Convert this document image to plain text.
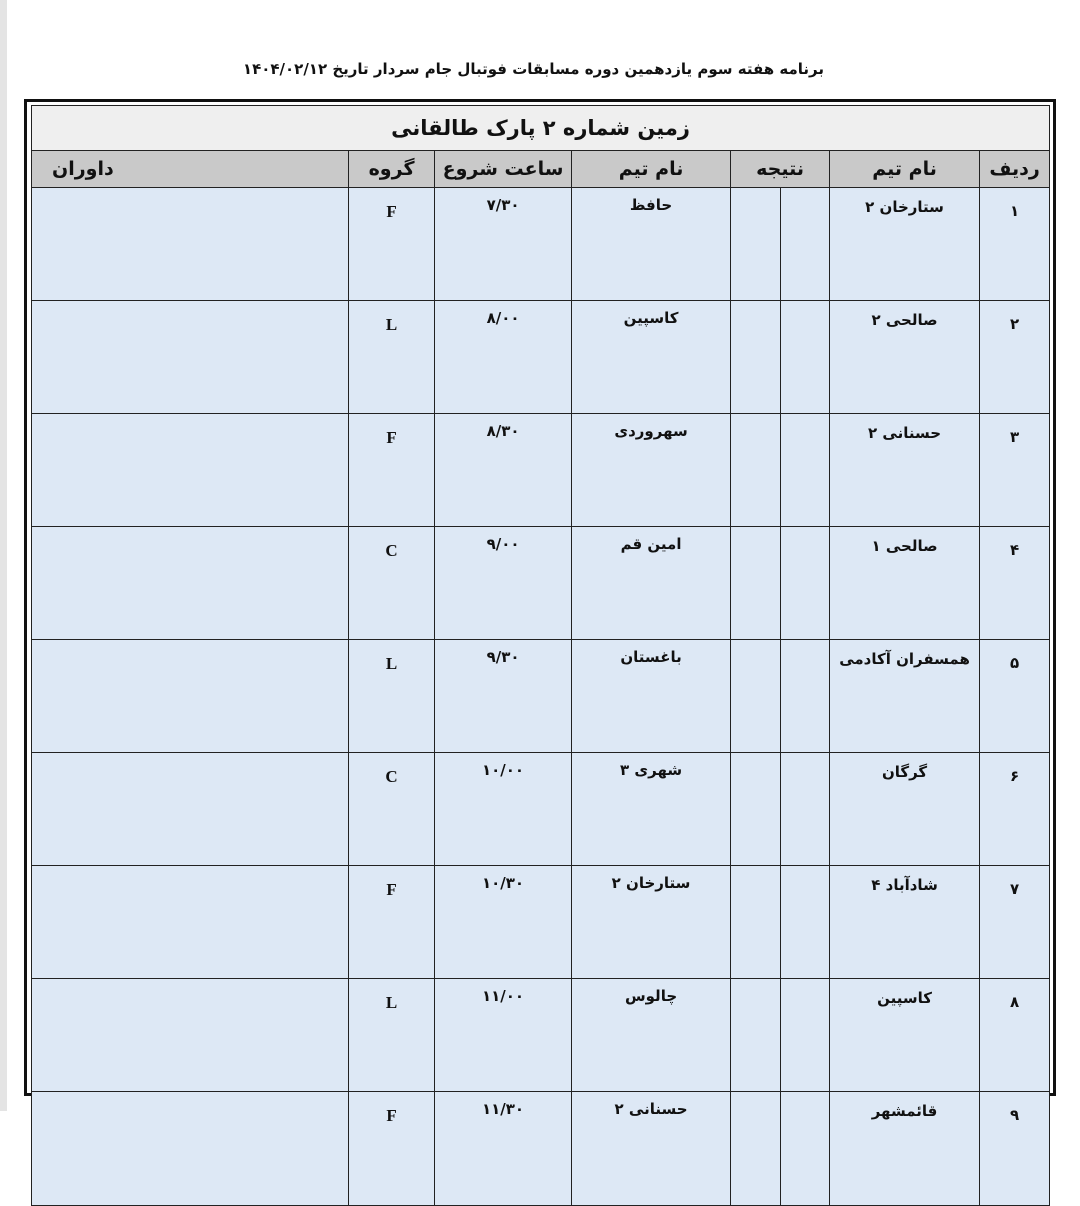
برنامه هفته سوم یازدهمین دوره مسابقات فوتبال جام سردار تاریخ ۱۴۰۴/۰۲/۱۲
زمین شماره ۲ پارک طالقانی							
ردیف	نام تیم	نتیجه		نام تیم	ساعت شروع	گروه	داوران
۱	ستارخان ۲			حافظ	۷/۳۰	F	
۲	صالحی ۲			کاسپین	۸/۰۰	L	
۳	حسنانی ۲			سهروردی	۸/۳۰	F	
۴	صالحی ۱			امین قم	۹/۰۰	C	
۵	همسفران آکادمی			باغستان	۹/۳۰	L	
۶	گرگان			شهری ۳	۱۰/۰۰	C	
۷	شادآباد ۴			ستارخان ۲	۱۰/۳۰	F	
۸	کاسپین			چالوس	۱۱/۰۰	L	
۹	قائمشهر			حسنانی ۲	۱۱/۳۰	F	
